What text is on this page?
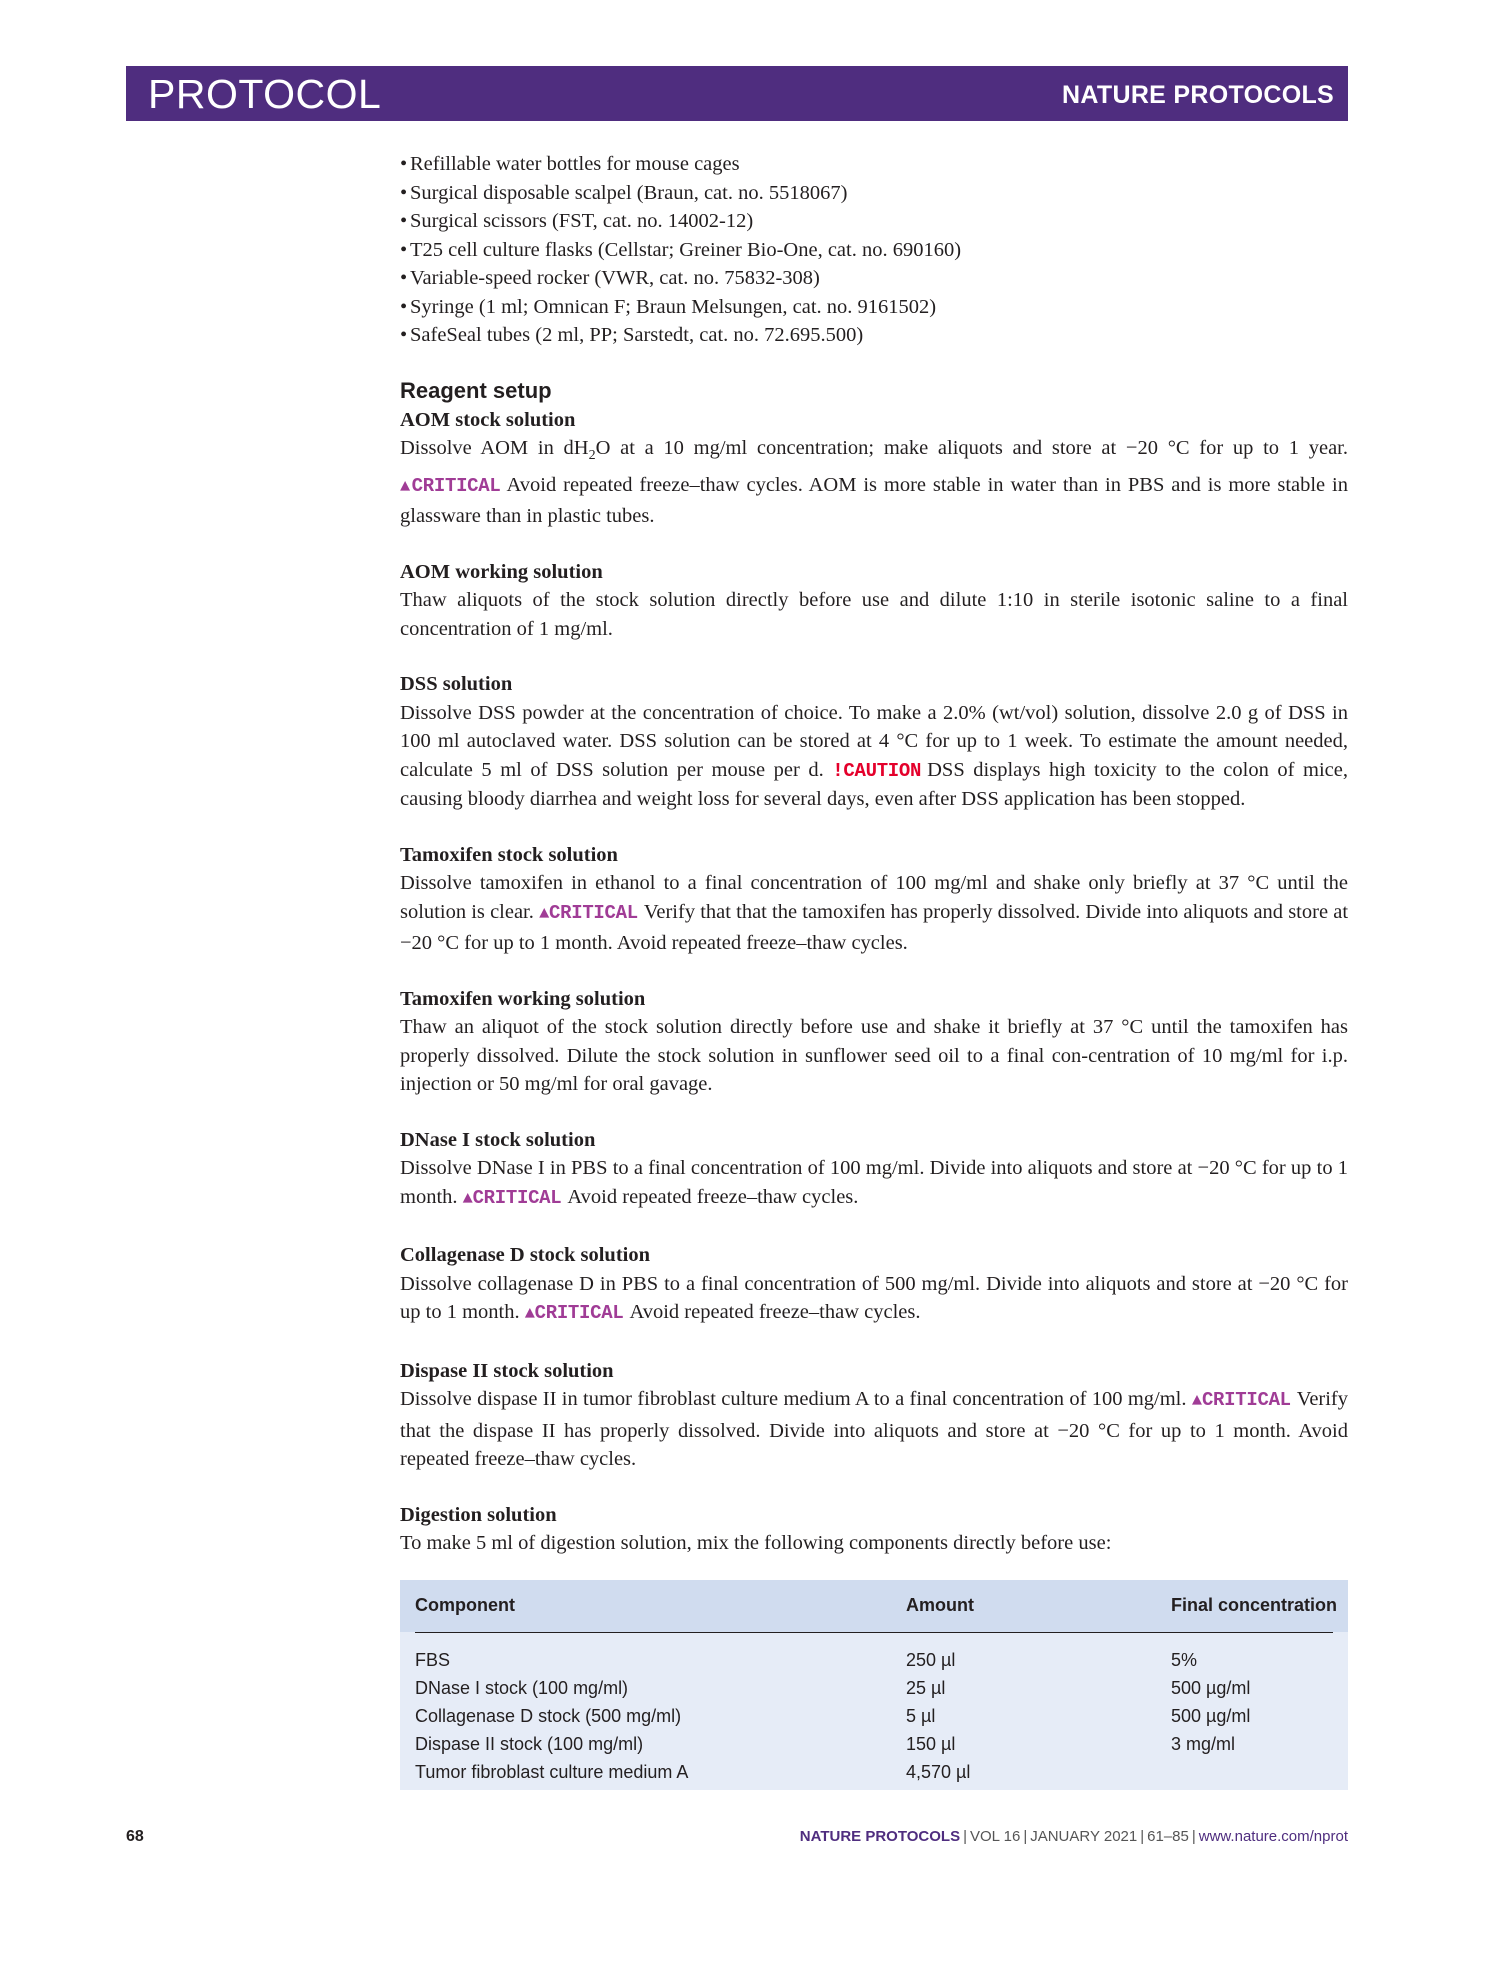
PROTOCOL	NATURE PROTOCOLS
• Refillable water bottles for mouse cages
• Surgical disposable scalpel (Braun, cat. no. 5518067)
• Surgical scissors (FST, cat. no. 14002-12)
• T25 cell culture flasks (Cellstar; Greiner Bio-One, cat. no. 690160)
• Variable-speed rocker (VWR, cat. no. 75832-308)
• Syringe (1 ml; Omnican F; Braun Melsungen, cat. no. 9161502)
• SafeSeal tubes (2 ml, PP; Sarstedt, cat. no. 72.695.500)
Reagent setup
AOM stock solution

Dissolve AOM in $dH_2O$ at a 10 mg/ml concentration; make aliquots and store at −20 °C for up to 1 year. ▲CRITICAL Avoid repeated freeze–thaw cycles. AOM is more stable in water than in PBS and is more stable in glassware than in plastic tubes.

AOM working solution

Thaw aliquots of the stock solution directly before use and dilute 1:10 in sterile isotonic saline to a final concentration of 1 mg/ml.

DSS solution

Dissolve DSS powder at the concentration of choice. To make a 2.0% (wt/vol) solution, dissolve 2.0 g of DSS in 100 ml autoclaved water. DSS solution can be stored at 4 °C for up to 1 week. To estimate the amount needed, calculate 5 ml of DSS solution per mouse per d. !CAUTION DSS displays high toxicity to the colon of mice, causing bloody diarrhea and weight loss for several days, even after DSS application has been stopped.

Tamoxifen stock solution

Dissolve tamoxifen in ethanol to a final concentration of 100 mg/ml and shake only briefly at 37 °C until the solution is clear. ▲CRITICAL Verify that that the tamoxifen has properly dissolved. Divide into aliquots and store at −20 °C for up to 1 month. Avoid repeated freeze–thaw cycles.

Tamoxifen working solution

Thaw an aliquot of the stock solution directly before use and shake it briefly at 37 °C until the tamoxifen has properly dissolved. Dilute the stock solution in sunflower seed oil to a final con-centration of 10 mg/ml for i.p. injection or 50 mg/ml for oral gavage.

DNase I stock solution

Dissolve DNase I in PBS to a final concentration of 100 mg/ml. Divide into aliquots and store at −20 °C for up to 1 month. ▲CRITICAL Avoid repeated freeze–thaw cycles.

Collagenase D stock solution

Dissolve collagenase D in PBS to a final concentration of 500 mg/ml. Divide into aliquots and store at −20 °C for up to 1 month. ▲CRITICAL Avoid repeated freeze–thaw cycles.

Dispase II stock solution

Dissolve dispase II in tumor fibroblast culture medium A to a final concentration of 100 mg/ml. ▲CRITICAL Verify that the dispase II has properly dissolved. Divide into aliquots and store at −20 °C for up to 1 month. Avoid repeated freeze–thaw cycles.

Digestion solution

To make 5 ml of digestion solution, mix the following components directly before use:

Component	Amount	Final concentration
FBS	250 µl	5%
DNase I stock (100 mg/ml)	25 µl	500 µg/ml
Collagenase D stock (500 mg/ml)	5 µl	500 µg/ml
Dispase II stock (100 mg/ml)	150 µl	3 mg/ml
Tumor fibroblast culture medium A	4,570 µl
68	NATURE PROTOCOLS | VOL 16 | JANUARY 2021 | 61–85 | www.nature.com/nprot
